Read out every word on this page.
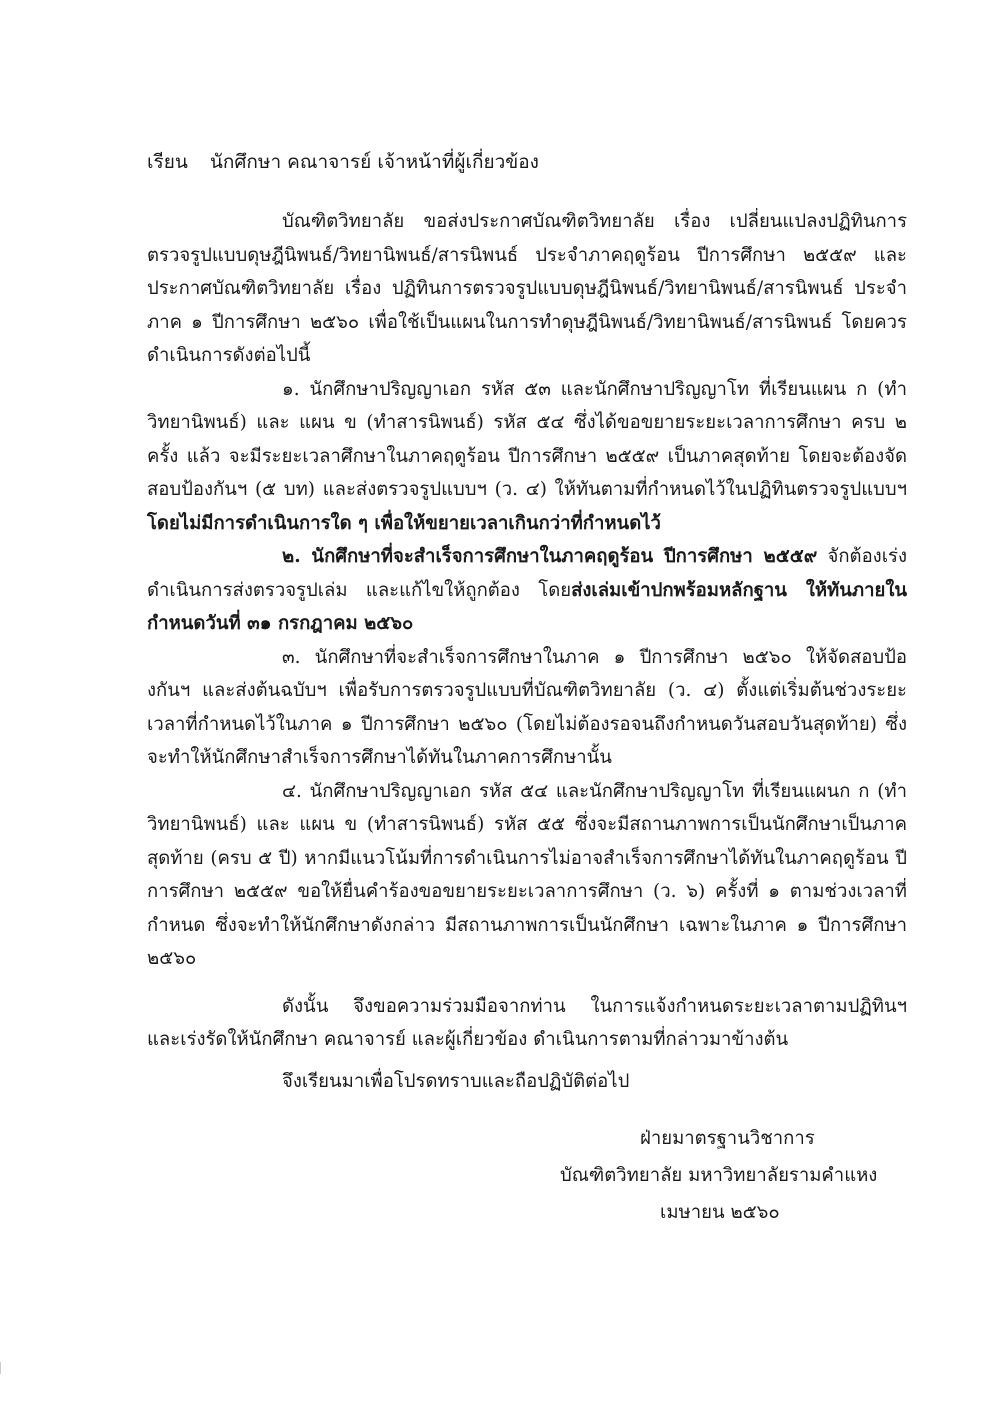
เรียน นักศึกษา คณาจารย์ เจ้าหน้าที่ผู้เกี่ยวข้อง

บัณฑิตวิทยาลัย ขอส่งประกาศบัณฑิตวิทยาลัย เรื่อง เปลี่ยนแปลงปฏิทินการตรวจรูปแบบดุษฎีนิพนธ์/วิทยานิพนธ์/สารนิพนธ์ ประจำภาคฤดูร้อน ปีการศึกษา ๒๕๕๙ และประกาศบัณฑิตวิทยาลัย เรื่อง ปฏิทินการตรวจรูปแบบดุษฎีนิพนธ์/วิทยานิพนธ์/สารนิพนธ์ ประจำภาค ๑ ปีการศึกษา ๒๕๖๐ เพื่อใช้เป็นแผนในการทำดุษฎีนิพนธ์/วิทยานิพนธ์/สารนิพนธ์ โดยควรดำเนินการดังต่อไปนี้

๑. นักศึกษาปริญญาเอก รหัส ๕๓ และนักศึกษาปริญญาโท ที่เรียนแผน ก (ทำวิทยานิพนธ์) และ แผน ข (ทำสารนิพนธ์) รหัส ๕๔ ซึ่งได้ขอขยายระยะเวลาการศึกษา ครบ ๒ ครั้ง แล้ว จะมีระยะเวลาศึกษาในภาคฤดูร้อน ปีการศึกษา ๒๕๕๙ เป็นภาคสุดท้าย โดยจะต้องจัดสอบป้องกันฯ (๕ บท) และส่งตรวจรูปแบบฯ (ว. ๔) ให้ทันตามที่กำหนดไว้ในปฏิทินตรวจรูปแบบฯ โดยไม่มีการดำเนินการใด ๆ เพื่อให้ขยายเวลาเกินกว่าที่กำหนดไว้

๒. นักศึกษาที่จะสำเร็จการศึกษาในภาคฤดูร้อน ปีการศึกษา ๒๕๕๙ จักต้องเร่งดำเนินการส่งตรวจรูปเล่ม และแก้ไขให้ถูกต้อง โดยส่งเล่มเข้าปกพร้อมหลักฐาน ให้ทันภายในกำหนดวันที่ ๓๑ กรกฎาคม ๒๕๖๐

๓. นักศึกษาที่จะสำเร็จการศึกษาในภาค ๑ ปีการศึกษา ๒๕๖๐ ให้จัดสอบป้องกันฯ และส่งต้นฉบับฯ เพื่อรับการตรวจรูปแบบที่บัณฑิตวิทยาลัย (ว. ๔) ตั้งแต่เริ่มต้นช่วงระยะเวลาที่กำหนดไว้ในภาค ๑ ปีการศึกษา ๒๕๖๐ (โดยไม่ต้องรอจนถึงกำหนดวันสอบวันสุดท้าย) ซึ่งจะทำให้นักศึกษาสำเร็จการศึกษาได้ทันในภาคการศึกษานั้น

๔. นักศึกษาปริญญาเอก รหัส ๕๔ และนักศึกษาปริญญาโท ที่เรียนแผนก ก (ทำวิทยานิพนธ์) และ แผน ข (ทำสารนิพนธ์) รหัส ๕๕ ซึ่งจะมีสถานภาพการเป็นนักศึกษาเป็นภาคสุดท้าย (ครบ ๕ ปี) หากมีแนวโน้มที่การดำเนินการไม่อาจสำเร็จการศึกษาได้ทันในภาคฤดูร้อน ปีการศึกษา ๒๕๕๙ ขอให้ยื่นคำร้องขอขยายระยะเวลาการศึกษา (ว. ๖) ครั้งที่ ๑ ตามช่วงเวลาที่กำหนด ซึ่งจะทำให้นักศึกษาดังกล่าว มีสถานภาพการเป็นนักศึกษา เฉพาะในภาค ๑ ปีการศึกษา ๒๕๖๐

ดังนั้น จึงขอความร่วมมือจากท่าน ในการแจ้งกำหนดระยะเวลาตามปฏิทินฯ และเร่งรัดให้นักศึกษา คณาจารย์ และผู้เกี่ยวข้อง ดำเนินการตามที่กล่าวมาข้างต้น

จึงเรียนมาเพื่อโปรดทราบและถือปฏิบัติต่อไป

ฝ่ายมาตรฐานวิชาการ
บัณฑิตวิทยาลัย มหาวิทยาลัยรามคำแหง
เมษายน ๒๕๖๐
